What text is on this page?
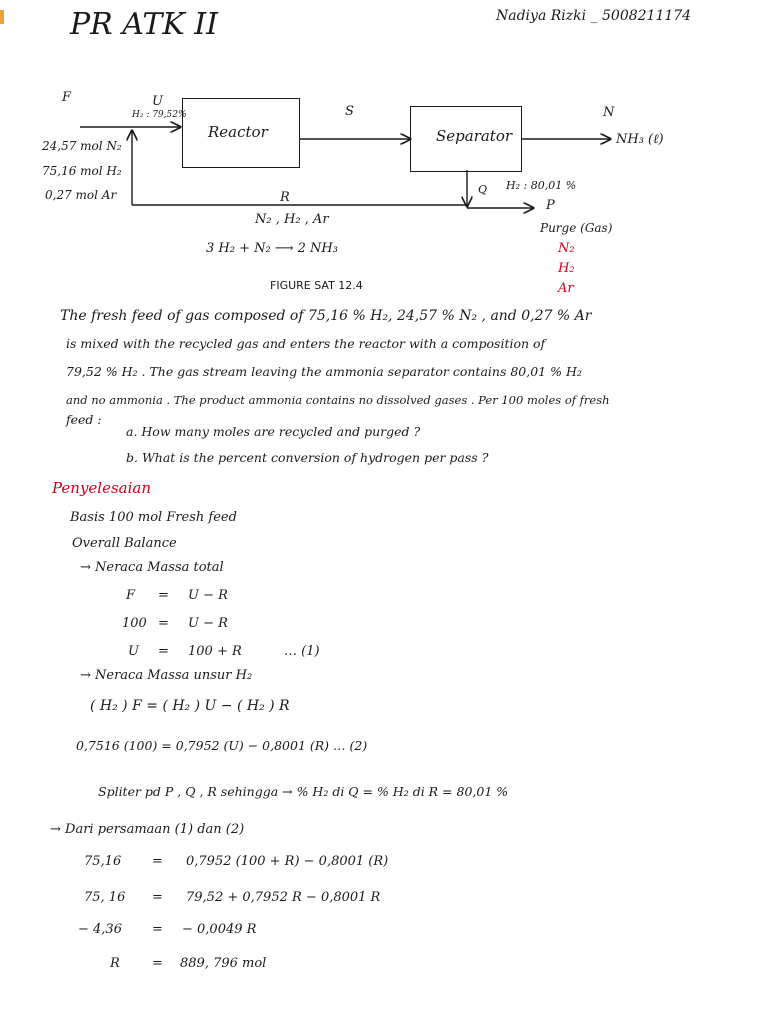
PR ATK II	Nadiya Rizki _ 5008211174
Reactor	Separator
F	U
H₂ : 79,52%	S	N
NH₃ (ℓ)
Q H₂ : 80,01 %
P
R
N₂ , H₂ , Ar
24,57 mol N₂
75,16 mol H₂
0,27 mol Ar
3 H₂ + N₂ ⟶ 2 NH₃
Purge (Gas)
N₂
H₂
Ar
FIGURE SAT 12.4
The fresh feed of gas composed of 75,16 % H₂, 24,57 % N₂ , and 0,27 % Ar
is mixed with the recycled gas and enters the reactor with a composition of
79,52 % H₂ . The gas stream leaving the ammonia separator contains 80,01 % H₂
and no ammonia . The product ammonia contains no dissolved gases . Per 100 moles of fresh
feed :
a. How many moles are recycled and purged ?
b. What is the percent conversion of hydrogen per pass ?
Penyelesaian
Basis 100 mol Fresh feed
Overall Balance
→ Neraca Massa total
F = U − R
100 = U − R
U = 100 + R	… (1)
→ Neraca Massa unsur H₂
( H₂ ) F = ( H₂ ) U − ( H₂ ) R
0,7516 (100) = 0,7952 (U) − 0,8001 (R) … (2)
Spliter pd P , Q , R sehingga → % H₂ di Q = % H₂ di R = 80,01 %
→ Dari persamaan (1) dan (2)
75,16 = 0,7952 (100 + R) − 0,8001 (R)
75, 16 = 79,52 + 0,7952 R − 0,8001 R
− 4,36 = − 0,0049 R
R = 889, 796 mol
